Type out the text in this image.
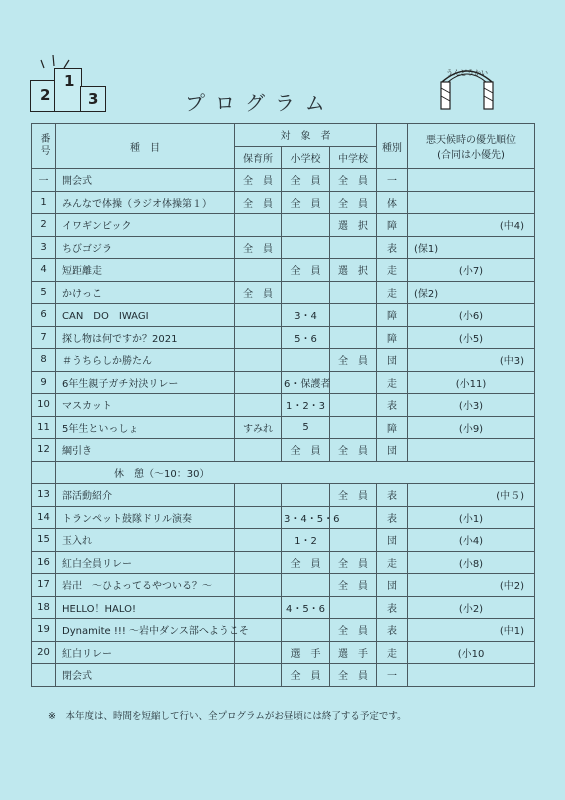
2
1
3	プログラム
うんどうかい
番号	種　目	対　象　者			種別	悪天候時の優先順位
(合同は小優先)

		保育所	小学校	中学校		
一	開会式	全　員	全　員	全　員	一	
1	みんなで体操（ラジオ体操第１）	全　員	全　員	全　員	体	
2	イワギンピック			選　択	障	(中4)
3	ちびゴジラ	全　員			表	(保1)
4	短距離走		全　員	選　択	走	(小7)
5	かけっこ	全　員			走	(保2)
6	CAN　DO　IWAGI		3・4		障	(小6)
7	探し物は何ですか？2021		5・6		障	(小5)
8	＃うちらしか勝たん			全　員	団	(中3)
9	6年生親子ガチ対決リレー		6・保護者		走	(小11)
10	マスカット		1・2・3		表	(小3)
11	5年生といっしょ	すみれ	5		障	(小9)
12	綱引き		全　員	全　員	団	
	休　憩（〜10：30）					
13	部活動紹介			全　員	表	(中５)
14	トランペット鼓隊ドリル演奏		3・4・5・6		表	(小1)
15	玉入れ		1・2		団	(小4)
16	紅白全員リレー		全　員	全　員	走	(小8)
17	岩卍　〜ひよってるやついる？〜			全　員	団	(中2)
18	HELLO！HALO!		4・5・6		表	(小2)
19	Dynamite !!! 〜岩中ダンス部へようこそ			全　員	表	(中1)
20	紅白リレー		選　手	選　手	走	(小10
	閉会式		全　員	全　員	一	
※　本年度は、時間を短縮して行い、全プログラムがお昼頃には終了する予定です。
